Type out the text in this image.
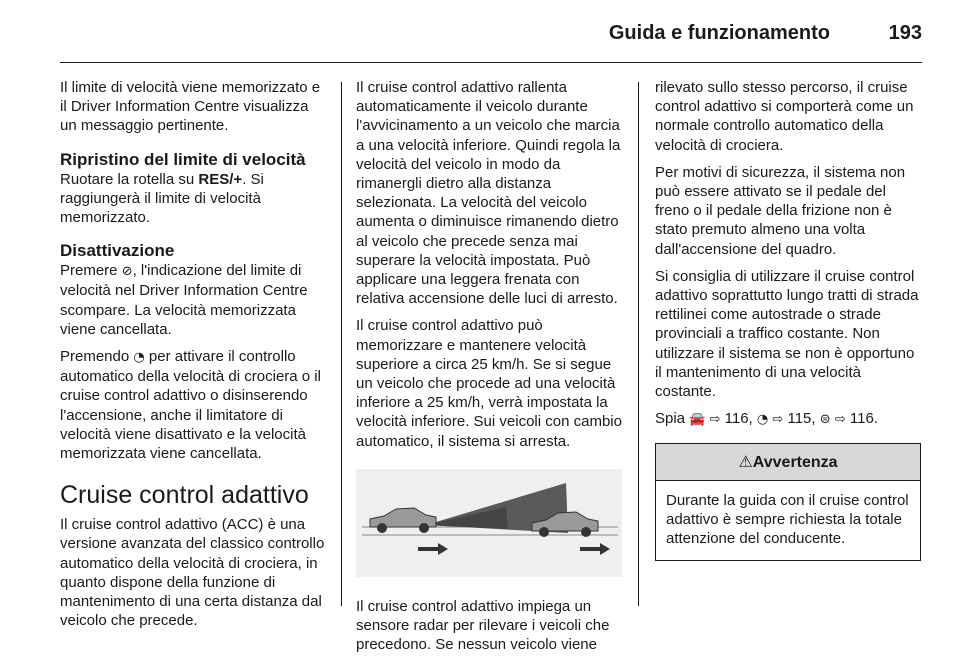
Guida e funzionamento	193

Il limite di velocità viene memorizzato e il Driver Information Centre visualizza un messaggio pertinente.

Ripristino del limite di velocità

Ruotare la rotella su RES/+. Si raggiungerà il limite di velocità memorizzato.

Disattivazione

Premere ⊘, l'indicazione del limite di velocità nel Driver Information Centre scompare. La velocità memorizzata viene cancellata.

Premendo ◔ per attivare il controllo automatico della velocità di crociera o il cruise control adattivo o disinserendo l'accensione, anche il limitatore di velocità viene disattivato e la velocità memorizzata viene cancellata.

Cruise control adattivo

Il cruise control adattivo (ACC) è una versione avanzata del classico controllo automatico della velocità di crociera, in quanto dispone della funzione di mantenimento di una certa distanza dal veicolo che precede.

Il cruise control adattivo rallenta automaticamente il veicolo durante l'avvicinamento a un veicolo che marcia a una velocità inferiore. Quindi regola la velocità del veicolo in modo da rimanergli dietro alla distanza selezionata. La velocità del veicolo aumenta o diminuisce rimanendo dietro al veicolo che precede senza mai superare la velocità impostata. Può applicare una leggera frenata con relativa accensione delle luci di arresto.

Il cruise control adattivo può memorizzare e mantenere velocità superiore a circa 25 km/h. Se si segue un veicolo che procede ad una velocità inferiore a 25 km/h, verrà impostata la velocità inferiore. Sui veicoli con cambio automatico, il sistema si arresta.

Il cruise control adattivo impiega un sensore radar per rilevare i veicoli che precedono. Se nessun veicolo viene

rilevato sullo stesso percorso, il cruise control adattivo si comporterà come un normale controllo automatico della velocità di crociera.

Per motivi di sicurezza, il sistema non può essere attivato se il pedale del freno o il pedale della frizione non è stato premuto almeno una volta dall'accensione del quadro.

Si consiglia di utilizzare il cruise control adattivo soprattutto lungo tratti di strada rettilinei come autostrade o strade provinciali a traffico costante. Non utilizzare il sistema se non è opportuno il mantenimento di una velocità costante.

Spia 🚘 ⇨ 116, ◔ ⇨ 115, ⊜ ⇨ 116.

⚠Avvertenza
Durante la guida con il cruise control adattivo è sempre richiesta la totale attenzione del conducente.
